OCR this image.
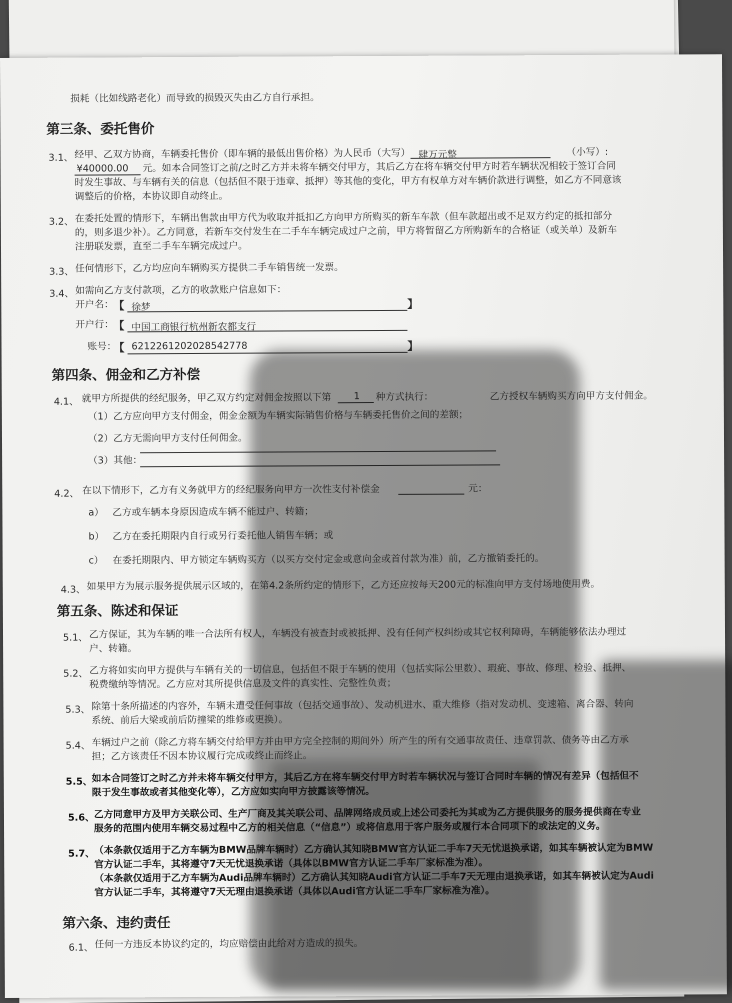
损耗（比如线路老化）而导致的损毁灭失由乙方自行承担。
第三条、委托售价
3.1、 经甲、乙双方协商，车辆委托售价（即车辆的最低出售价格）为人民币（大写） 肆万元整	（小写）:
¥40000.00 元。如本合同签订之前/之时乙方并未将车辆交付甲方，其后乙方在将车辆交付甲方时若车辆状况相较于签订合同
时发生事故、与车辆有关的信息（包括但不限于违章、抵押）等其他的变化，甲方有权单方对车辆价款进行调整，如乙方不同意该
调整后的价格，本协议即自动终止。
3.2、 在委托处置的情形下，车辆出售款由甲方代为收取并抵扣乙方向甲方所购买的新车车款（但车款超出或不足双方约定的抵扣部分
的，则多退少补）。乙方同意，若新车交付发生在二手车车辆完成过户之前，甲方将暂留乙方所购新车的合格证（或关单）及新车
注册联发票，直至二手车车辆完成过户。
3.3、 任何情形下，乙方均应向车辆购买方提供二手车销售统一发票。
3.4、 如需向乙方支付款项，乙方的收款账户信息如下：
开户名： 【 徐梦	】
开户行： 【 中国工商银行杭州新农都支行
账号：
【 6212261202028542778	】
第四条、佣金和乙方补偿
4.1、 就甲方所提供的经纪服务，甲乙双方约定对佣金按照以下第 1 种方式执行：	乙方授权车辆购买方向甲方支付佣金。
（1）乙方应向甲方支付佣金，佣金金额为车辆实际销售价格与车辆委托售价之间的差额；
（2）乙方无需向甲方支付任何佣金。
（3）其他：
4.2、 在以下情形下，乙方有义务就甲方的经纪服务向甲方一次性支付补偿金	元：
a） 乙方或车辆本身原因造成车辆不能过户、转籍；
b） 乙方在委托期限内自行或另行委托他人销售车辆；或
c） 在委托期限内、甲方锁定车辆购买方（以买方交付定金或意向金或首付款为准）前，乙方撤销委托的。
4.3、 如果甲方为展示服务提供展示区域的，在第4.2条所约定的情形下，乙方还应按每天200元的标准向甲方支付场地使用费。
第五条、陈述和保证
5.1、 乙方保证，其为车辆的唯一合法所有权人，车辆没有被查封或被抵押、没有任何产权纠纷或其它权利障碍，车辆能够依法办理过
户、转籍。
5.2、 乙方将如实向甲方提供与车辆有关的一切信息，包括但不限于车辆的使用（包括实际公里数）、瑕疵、事故、修理、检验、抵押、
税费缴纳等情况。乙方应对其所提供信息及文件的真实性、完整性负责；
5.3、 除第十条所描述的内容外，车辆未遭受任何事故（包括交通事故）、发动机进水、重大维修（指对发动机、变速箱、离合器、转向
系统、前后大梁或前后防撞梁的维修或更换）。
5.4、 车辆过户之前（除乙方将车辆交付给甲方并由甲方完全控制的期间外）所产生的所有交通事故责任、违章罚款、债务等由乙方承
担；乙方该责任不因本协议履行完成或终止而终止。
5.5、 如本合同签订之时乙方并未将车辆交付甲方，其后乙方在将车辆交付甲方时若车辆状况与签订合同时车辆的情况有差异（包括但不
限于发生事故或者其他变化等），乙方应如实向甲方披露该等情况。
5.6、 乙方同意甲方及甲方关联公司、生产厂商及其关联公司、品牌网络成员或上述公司委托为其或为乙方提供服务的服务提供商在专业
服务的范围内使用车辆交易过程中乙方的相关信息（“信息”）或将信息用于客户服务或履行本合同项下的或法定的义务。
5.7、 （本条款仅适用于乙方车辆为BMW品牌车辆时）乙方确认其知晓BMW官方认证二手车7天无忧退换承诺，如其车辆被认定为BMW
官方认证二手车，其将遵守7天无忧退换承诺（具体以BMW官方认证二手车厂家标准为准）。
（本条款仅适用于乙方车辆为Audi品牌车辆时）乙方确认其知晓Audi官方认证二手车7天无理由退换承诺，如其车辆被认定为Audi
官方认证二手车，其将遵守7天无理由退换承诺（具体以Audi官方认证二手车厂家标准为准）。
第六条、违约责任
6.1、 任何一方违反本协议约定的，均应赔偿由此给对方造成的损失。
